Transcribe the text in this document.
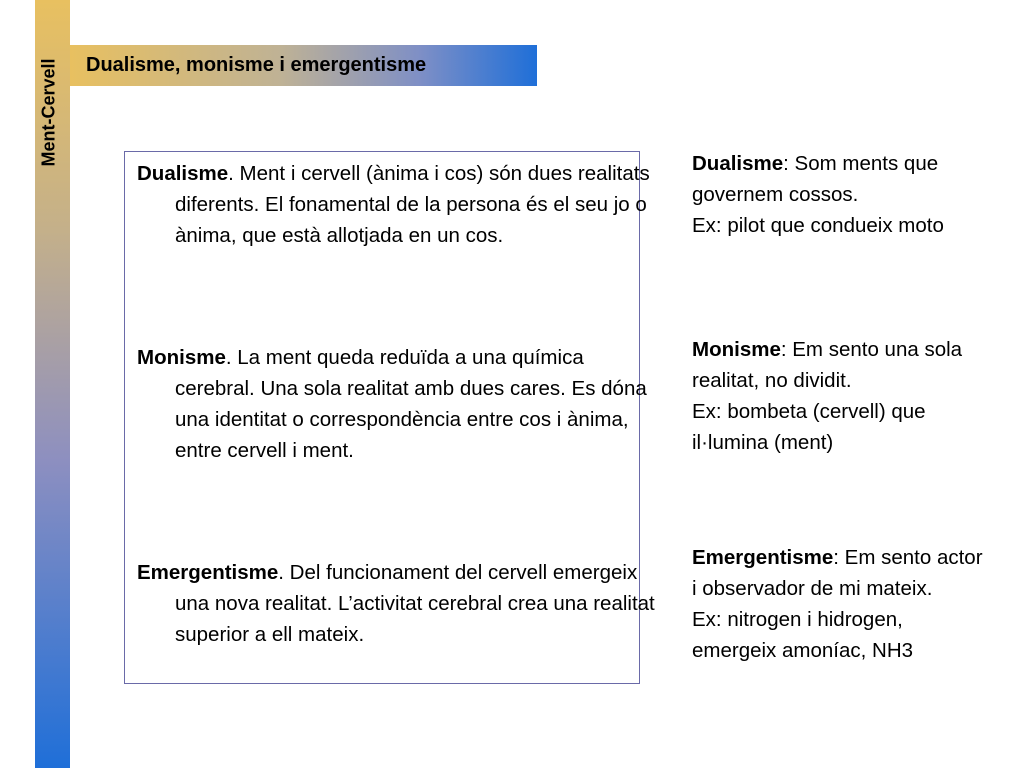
Ment-Cervell Dualisme, monisme i emergentisme
Dualisme. Ment i cervell (ànima i cos) són dues realitats diferents. El fonamental de la persona és el seu jo o ànima, que està allotjada en un cos.
Monisme. La ment queda reduïda a una química cerebral. Una sola realitat amb dues cares. Es dóna una identitat o correspondència entre cos i ànima, entre cervell i ment.
Emergentisme. Del funcionament del cervell emergeix una nova realitat. L’activitat cerebral crea una realitat superior a ell mateix.
Dualisme: Som ments que governem cossos.
Ex: pilot que condueix moto
Monisme: Em sento una sola realitat, no dividit.
Ex: bombeta (cervell) que il·lumina (ment)
Emergentisme: Em sento actor i observador de mi mateix.
Ex: nitrogen i hidrogen, emergeix amoníac, NH3
